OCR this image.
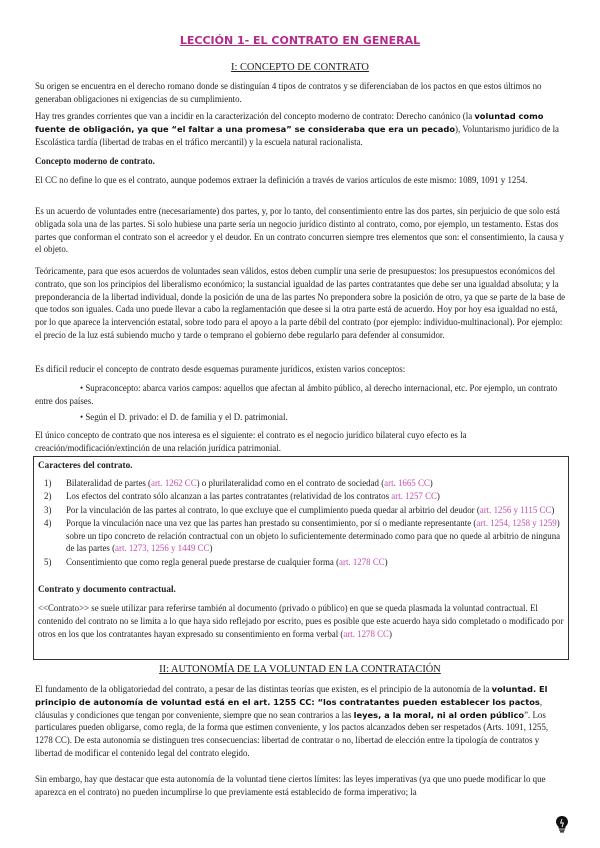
LECCIÓN 1- EL CONTRATO EN GENERAL
I: CONCEPTO DE CONTRATO

Su origen se encuentra en el derecho romano donde se distinguían 4 tipos de contratos y se diferenciaban de los pactos en que estos últimos no generaban obligaciones ni exigencias de su cumplimiento.

Hay tres grandes corrientes que van a incidir en la caracterización del concepto moderno de contrato: Derecho canónico (la voluntad como fuente de obligación, ya que “el faltar a una promesa” se consideraba que era un pecado), Voluntarismo jurídico de la Escolástica tardía (libertad de trabas en el tráfico mercantil) y la escuela natural racionalista.

Concepto moderno de contrato.

El CC no define lo que es el contrato, aunque podemos extraer la definición a través de varios artículos de este mismo: 1089, 1091 y 1254.

Es un acuerdo de voluntades entre (necesariamente) dos partes, y, por lo tanto, del consentimiento entre las dos partes, sin perjuicio de que solo está obligada sola una de las partes. Si solo hubiese una parte sería un negocio jurídico distinto al contrato, como, por ejemplo, un testamento. Estas dos partes que conforman el contrato son el acreedor y el deudor. En un contrato concurren siempre tres elementos que son: el consentimiento, la causa y el objeto.

Teóricamente, para que esos acuerdos de voluntades sean válidos, estos deben cumplir una serie de presupuestos: los presupuestos económicos del contrato, que son los principios del liberalismo económico; la sustancial igualdad de las partes contratantes que debe ser una igualdad absoluta; y la preponderancia de la libertad individual, donde la posición de una de las partes No prepondera sobre la posición de otro, ya que se parte de la base de que todos son iguales. Cada uno puede llevar a cabo la reglamentación que desee si la otra parte está de acuerdo. Hoy por hoy esa igualdad no está, por lo que aparece la intervención estatal, sobre todo para el apoyo a la parte débil del contrato (por ejemplo: individuo-multinacional). Por ejemplo: el precio de la luz está subiendo mucho y tarde o temprano el gobierno debe regularlo para defender al consumidor.

Es difícil reducir el concepto de contrato desde esquemas puramente jurídicos, existen varios conceptos:

• Supraconcepto: abarca varios campos: aquellos que afectan al ámbito público, al derecho internacional, etc. Por ejemplo, un contrato entre dos países.

• Según el D. privado: el D. de familia y el D. patrimonial.

El único concepto de contrato que nos interesa es el siguiente: el contrato es el negocio jurídico bilateral cuyo efecto es la creación/modificación/extinción de una relación jurídica patrimonial.

Caracteres del contrato.

1) Bilateralidad de partes (art. 1262 CC) o plurilateralidad como en el contrato de sociedad (art. 1665 CC)
2) Los efectos del contrato sólo alcanzan a las partes contratantes (relatividad de los contratos art. 1257 CC)
3) Por la vinculación de las partes al contrato, lo que excluye que el cumplimiento pueda quedar al arbitrio del deudor (art. 1256 y 1115 CC)
4) Porque la vinculación nace una vez que las partes han prestado su consentimiento, por sí o mediante representante (art. 1254, 1258 y 1259) sobre un tipo concreto de relación contractual con un objeto lo suficientemente determinado como para que no quede al arbitrio de ninguna de las partes (art. 1273, 1256 y 1449 CC)
5) Consentimiento que como regla general puede prestarse de cualquier forma (art. 1278 CC)

Contrato y documento contractual.

<<Contrato>> se suele utilizar para referirse también al documento (privado o público) en que se queda plasmada la voluntad contractual. El contenido del contrato no se limita a lo que haya sido reflejado por escrito, pues es posible que este acuerdo haya sido completado o modificado por otros en los que los contratantes hayan expresado su consentimiento en forma verbal (art. 1278 CC)

II: AUTONOMÍA DE LA VOLUNTAD EN LA CONTRATACIÓN

El fundamento de la obligatoriedad del contrato, a pesar de las distintas teorías que existen, es el principio de la autonomía de la voluntad. El principio de autonomía de voluntad está en el art. 1255 CC: “los contratantes pueden establecer los pactos, cláusulas y condiciones que tengan por conveniente, siempre que no sean contrarios a las leyes, a la moral, ni al orden público”. Los particulares pueden obligarse, como regla, de la forma que estimen conveniente, y los pactos alcanzados deben ser respetados (Arts. 1091, 1255, 1278 CC). De esta autonomía se distinguen tres consecuencias: libertad de contratar o no, libertad de elección entre la tipología de contratos y libertad de modificar el contenido legal del contrato elegido.

Sin embargo, hay que destacar que esta autonomía de la voluntad tiene ciertos límites: las leyes imperativas (ya que uno puede modificar lo que aparezca en el contrato) no pueden incumplirse lo que previamente está establecido de forma imperativo; la
